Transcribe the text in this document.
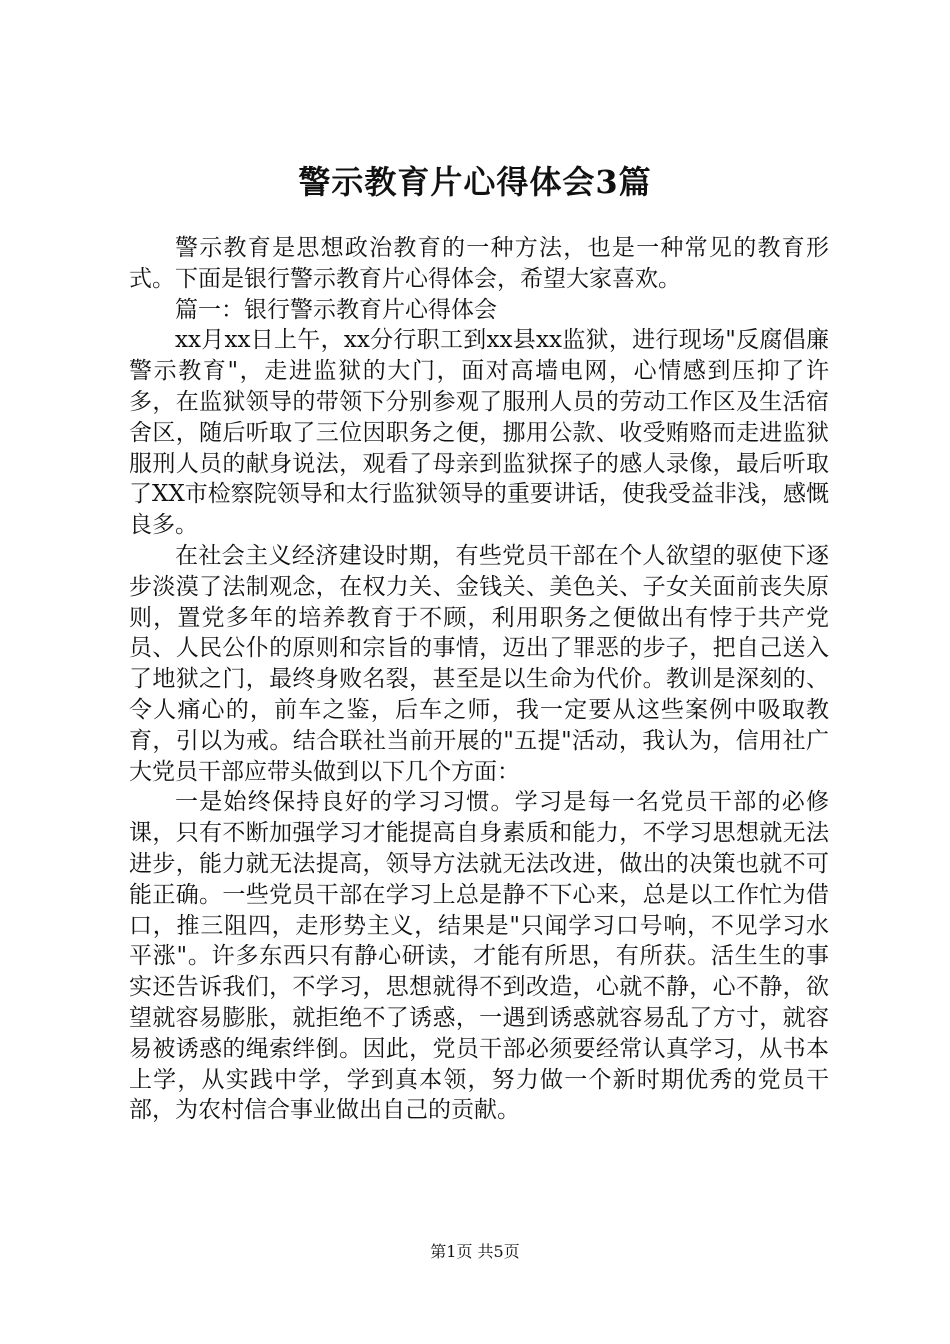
警示教育片心得体会3篇

警示教育是思想政治教育的一种方法，也是一种常见的教育形式。下面是银行警示教育片心得体会，希望大家喜欢。

篇一：银行警示教育片心得体会

xx月xx日上午，xx分行职工到xx县xx监狱，进行现场"反腐倡廉警示教育"，走进监狱的大门，面对高墙电网，心情感到压抑了许多，在监狱领导的带领下分别参观了服刑人员的劳动工作区及生活宿舍区，随后听取了三位因职务之便，挪用公款、收受贿赂而走进监狱服刑人员的献身说法，观看了母亲到监狱探子的感人录像，最后听取了XX市检察院领导和太行监狱领导的重要讲话，使我受益非浅，感慨良多。

在社会主义经济建设时期，有些党员干部在个人欲望的驱使下逐步淡漠了法制观念，在权力关、金钱关、美色关、子女关面前丧失原则，置党多年的培养教育于不顾，利用职务之便做出有悖于共产党员、人民公仆的原则和宗旨的事情，迈出了罪恶的步子，把自己送入了地狱之门，最终身败名裂，甚至是以生命为代价。教训是深刻的、令人痛心的，前车之鉴，后车之师，我一定要从这些案例中吸取教育，引以为戒。结合联社当前开展的"五提"活动，我认为，信用社广大党员干部应带头做到以下几个方面：

一是始终保持良好的学习习惯。学习是每一名党员干部的必修课，只有不断加强学习才能提高自身素质和能力，不学习思想就无法进步，能力就无法提高，领导方法就无法改进，做出的决策也就不可能正确。一些党员干部在学习上总是静不下心来，总是以工作忙为借口，推三阻四，走形势主义，结果是"只闻学习口号响，不见学习水平涨"。许多东西只有静心研读，才能有所思，有所获。活生生的事实还告诉我们，不学习，思想就得不到改造，心就不静，心不静，欲望就容易膨胀，就拒绝不了诱惑，一遇到诱惑就容易乱了方寸，就容易被诱惑的绳索绊倒。因此，党员干部必须要经常认真学习，从书本上学，从实践中学，学到真本领，努力做一个新时期优秀的党员干部，为农村信合事业做出自己的贡献。

第1页 共5页
